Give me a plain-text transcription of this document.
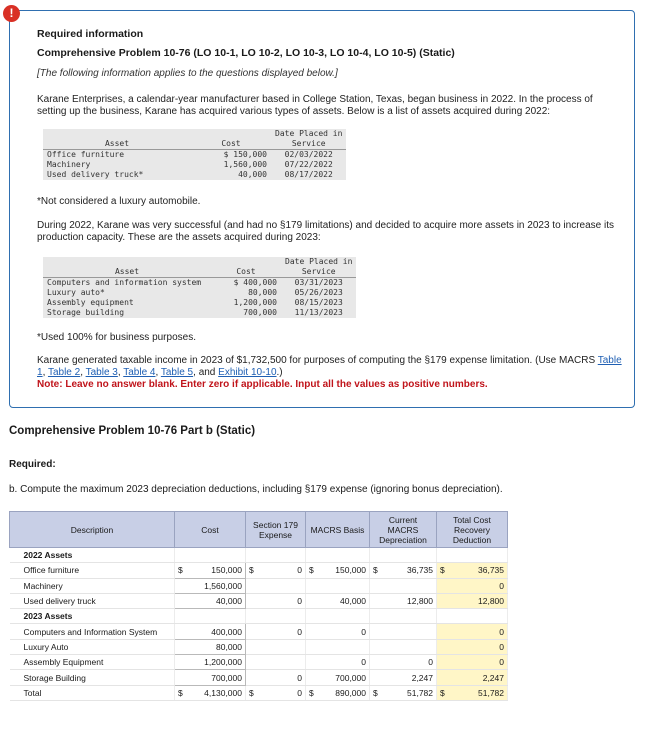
!
Required information
Comprehensive Problem 10-76 (LO 10-1, LO 10-2, LO 10-3, LO 10-4, LO 10-5) (Static)
[The following information applies to the questions displayed below.]
Karane Enterprises, a calendar-year manufacturer based in College Station, Texas, began business in 2022. In the process of setting up the business, Karane has acquired various types of assets. Below is a list of assets acquired during 2022:
		Date Placed in
Asset	Cost	Service
Office furniture	$ 150,000	02/03/2022
Machinery	1,560,000	07/22/2022
Used delivery truck*	40,000	08/17/2022
*Not considered a luxury automobile.
During 2022, Karane was very successful (and had no §179 limitations) and decided to acquire more assets in 2023 to increase its production capacity. These are the assets acquired during 2023:
		Date Placed in
Asset	Cost	Service
Computers and information system	$ 400,000	03/31/2023
Luxury auto*	80,000	05/26/2023
Assembly equipment	1,200,000	08/15/2023
Storage building	700,000	11/13/2023
*Used 100% for business purposes.
Karane generated taxable income in 2023 of $1,732,500 for purposes of computing the §179 expense limitation. (Use MACRS Table 1, Table 2, Table 3, Table 4, Table 5, and Exhibit 10-10.)
Note: Leave no answer blank. Enter zero if applicable. Input all the values as positive numbers.
Comprehensive Problem 10-76 Part b (Static)
Required:
b. Compute the maximum 2023 depreciation deductions, including §179 expense (ignoring bonus depreciation).
Description	Cost	Section 179
Expense	MACRS Basis	Current
MACRS
Depreciation	Total Cost
Recovery
Deduction
2022 Assets					
Office furniture	$ 150,000	$ 0	$ 150,000	$ 36,735	$ 36,735
Machinery	1,560,000				0
Used delivery truck	40,000	0	40,000	12,800	12,800
2023 Assets					
Computers and Information System	400,000	0	0		0
Luxury Auto	80,000				0
Assembly Equipment	1,200,000		0	0	0
Storage Building	700,000	0	700,000	2,247	2,247
Total	$ 4,130,000	$ 0	$ 890,000	$ 51,782	$ 51,782
